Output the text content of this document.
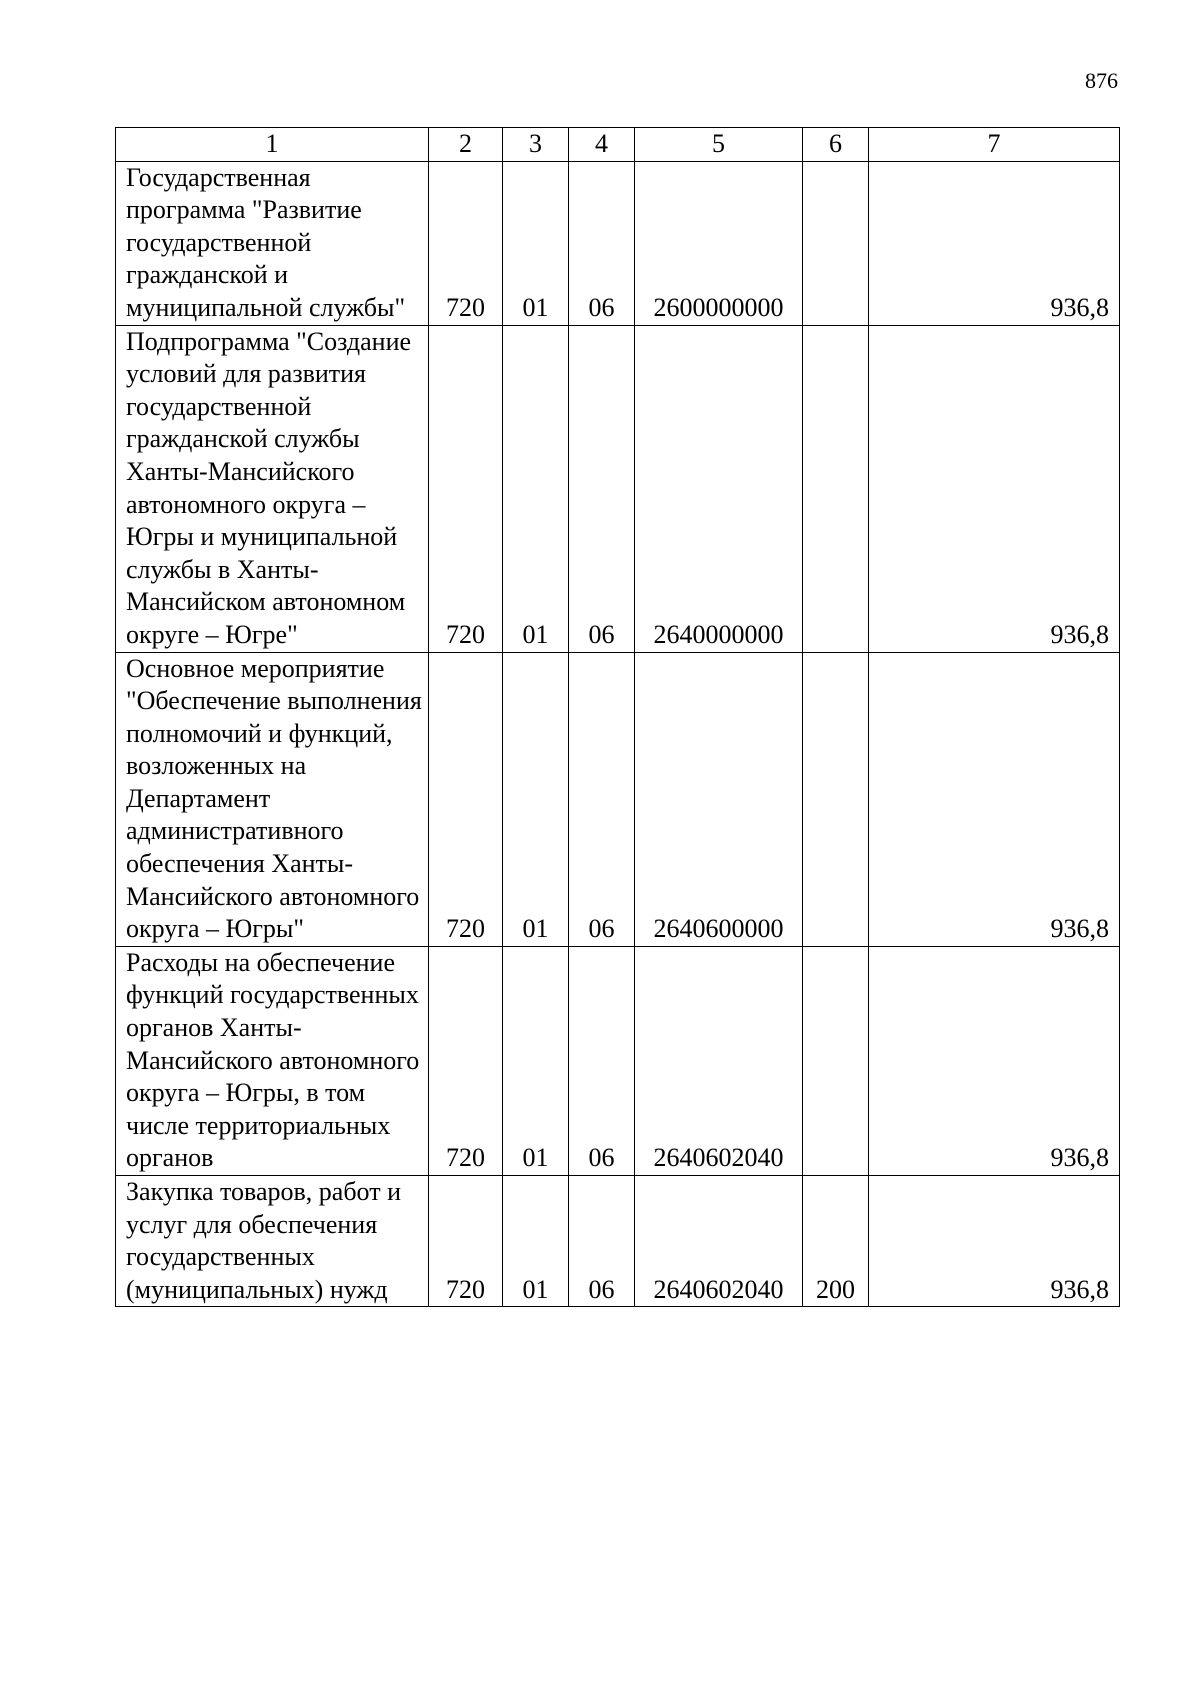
876
1	2	3	4	5	6	7
Государственная программа "Развитие государственной гражданской и муниципальной службы"	720	01	06	2600000000		936,8
Подпрограмма "Создание условий для развития государственной гражданской службы Ханты-Мансийского автономного округа – Югры и муниципальной службы в Ханты-Мансийском автономном округе – Югре"	720	01	06	2640000000		936,8
Основное мероприятие "Обеспечение выполнения полномочий и функций, возложенных на Департамент административного обеспечения Ханты-Мансийского автономного округа – Югры"	720	01	06	2640600000		936,8
Расходы на обеспечение функций государственных органов Ханты-Мансийского автономного округа – Югры, в том числе территориальных органов	720	01	06	2640602040		936,8
Закупка товаров, работ и услуг для обеспечения государственных (муниципальных) нужд	720	01	06	2640602040	200	936,8
